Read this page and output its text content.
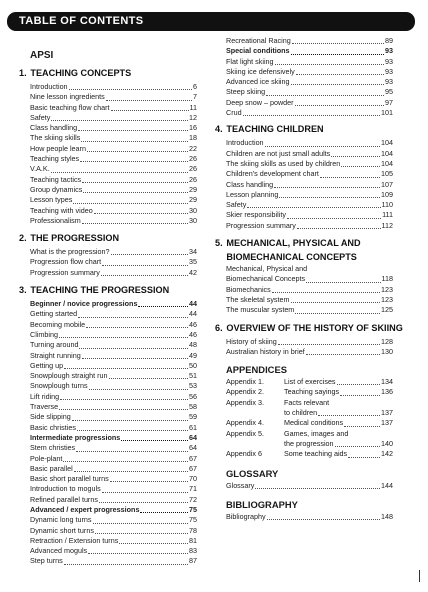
TABLE OF CONTENTS
APSI
1. TEACHING CONCEPTS
Introduction	6
Nine lesson ingredients	7
Basic teaching flow chart	11
Safety	12
Class handling	16
The skiing skills	18
How people learn	22
Teaching styles	26
V.A.K.	26
Teaching tactics	26
Group dynamics	29
Lesson types	29
Teaching with video	30
Professionalism	30
2. THE PROGRESSION
What is the progression?	34
Progression flow chart	35
Progression summary	42
3. TEACHING THE PROGRESSION
Beginner / novice progressions	44
Getting started	44
Becoming mobile	46
Climbing	46
Turning around	48
Straight running	49
Getting up	50
Snowplough straight run	51
Snowplough turns	53
Lift riding	56
Traverse	58
Side slipping	59
Basic christies	61
Intermediate progressions	64
Stem christies	64
Pole-plant	67
Basic parallel	67
Basic short parallel turns	70
Introduction to moguls	71
Refined parallel turns	72
Advanced / expert progressions	75
Dynamic long turns	75
Dynamic short turns	78
Retraction / Extension turns	81
Advanced moguls	83
Step turns	87
Recreational Racing	89
Special conditions	93
Flat light skiing	93
Skiing ice defensively	93
Advanced ice skiing	93
Steep skiing	95
Deep snow – powder	97
Crud	101
4. TEACHING CHILDREN
Introduction	104
Children are not just small adults	104
The skiing skills as used by children	104
Children's development chart	105
Class handling	107
Lesson planning	109
Safety	110
Skier responsibility	111
Progression summary	112
5. MECHANICAL, PHYSICAL AND
BIOMECHANICAL CONCEPTS
Mechanical, Physical and
Biomechanical Concepts	118
Biomechanics	123
The skeletal system	123
The muscular system	125
6. OVERVIEW OF THE HISTORY OF SKIING
History of skiing	128
Australian history in brief	130
APPENDICES
Appendix 1.	List of exercises	134
Appendix 2.	Teaching sayings	136
Appendix 3.	Facts relevant
to children	137
Appendix 4.	Medical conditions	137
Appendix 5.	Games, images and
the progression	140
Appendix 6	Some teaching aids	142
GLOSSARY
Glossary	144
BIBLIOGRAPHY
Bibliography	148
